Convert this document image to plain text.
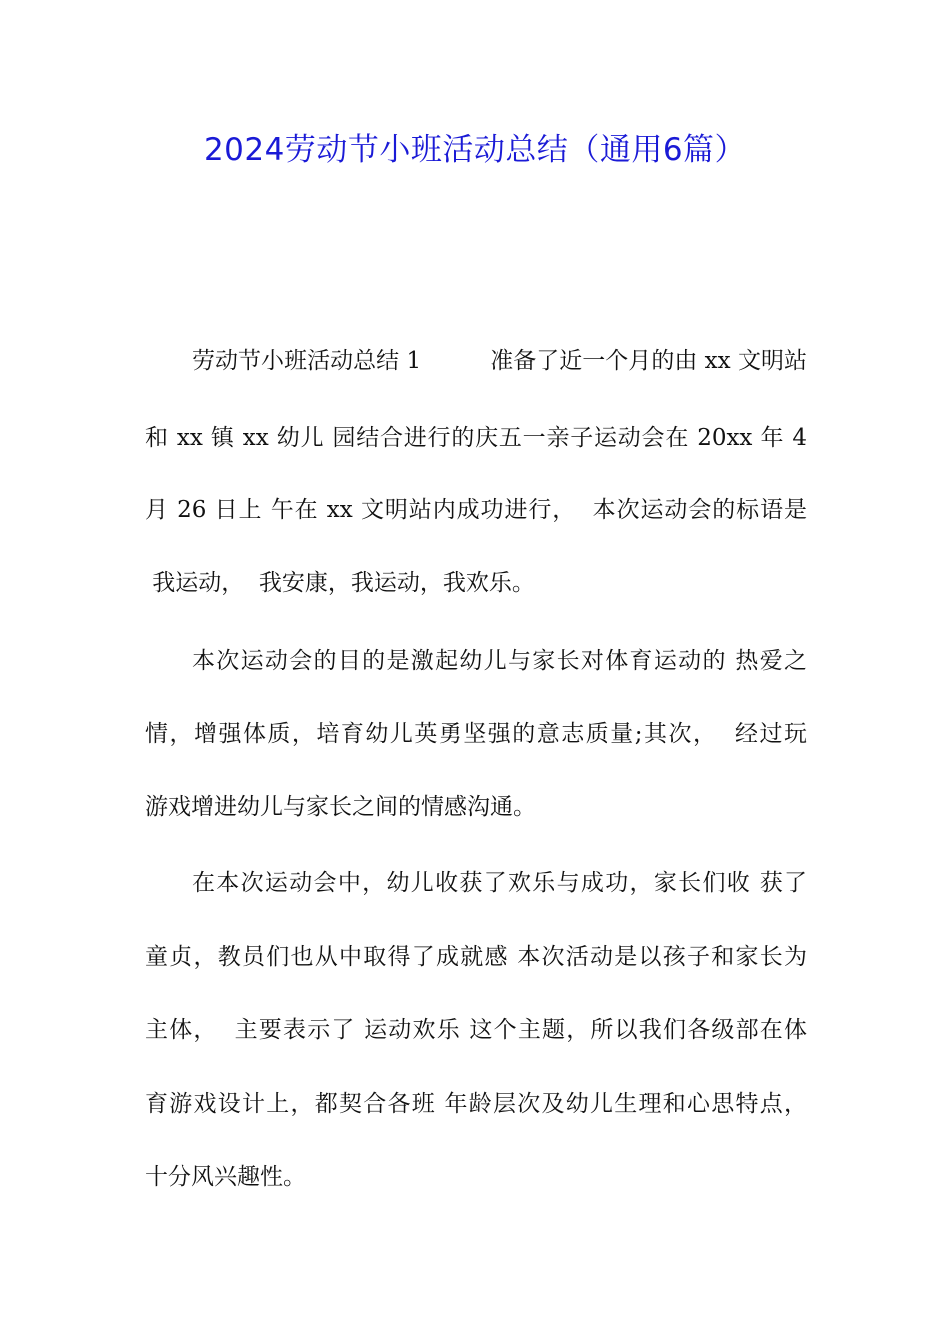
2024劳动节小班活动总结（通用6篇）

劳动节小班活动总结 1　　　准备了近一个月的由 xx 文明站

和 xx 镇 xx 幼儿 园结合进行的庆五一亲子运动会在 20xx 年 4

月 26 日上 午在 xx 文明站内成功进行，  本次运动会的标语是

我运动，  我安康，我运动，我欢乐。

本次运动会的目的是激起幼儿与家长对体育运动的 热爱之

情，增强体质，培育幼儿英勇坚强的意志质量;其次，  经过玩

游戏增进幼儿与家长之间的情感沟通。

在本次运动会中，幼儿收获了欢乐与成功，家长们收 获了

童贞，教员们也从中取得了成就感 本次活动是以孩子和家长为

主体，  主要表示了 运动欢乐 这个主题，所以我们各级部在体

育游戏设计上，都契合各班 年龄层次及幼儿生理和心思特点，

十分风兴趣性。
